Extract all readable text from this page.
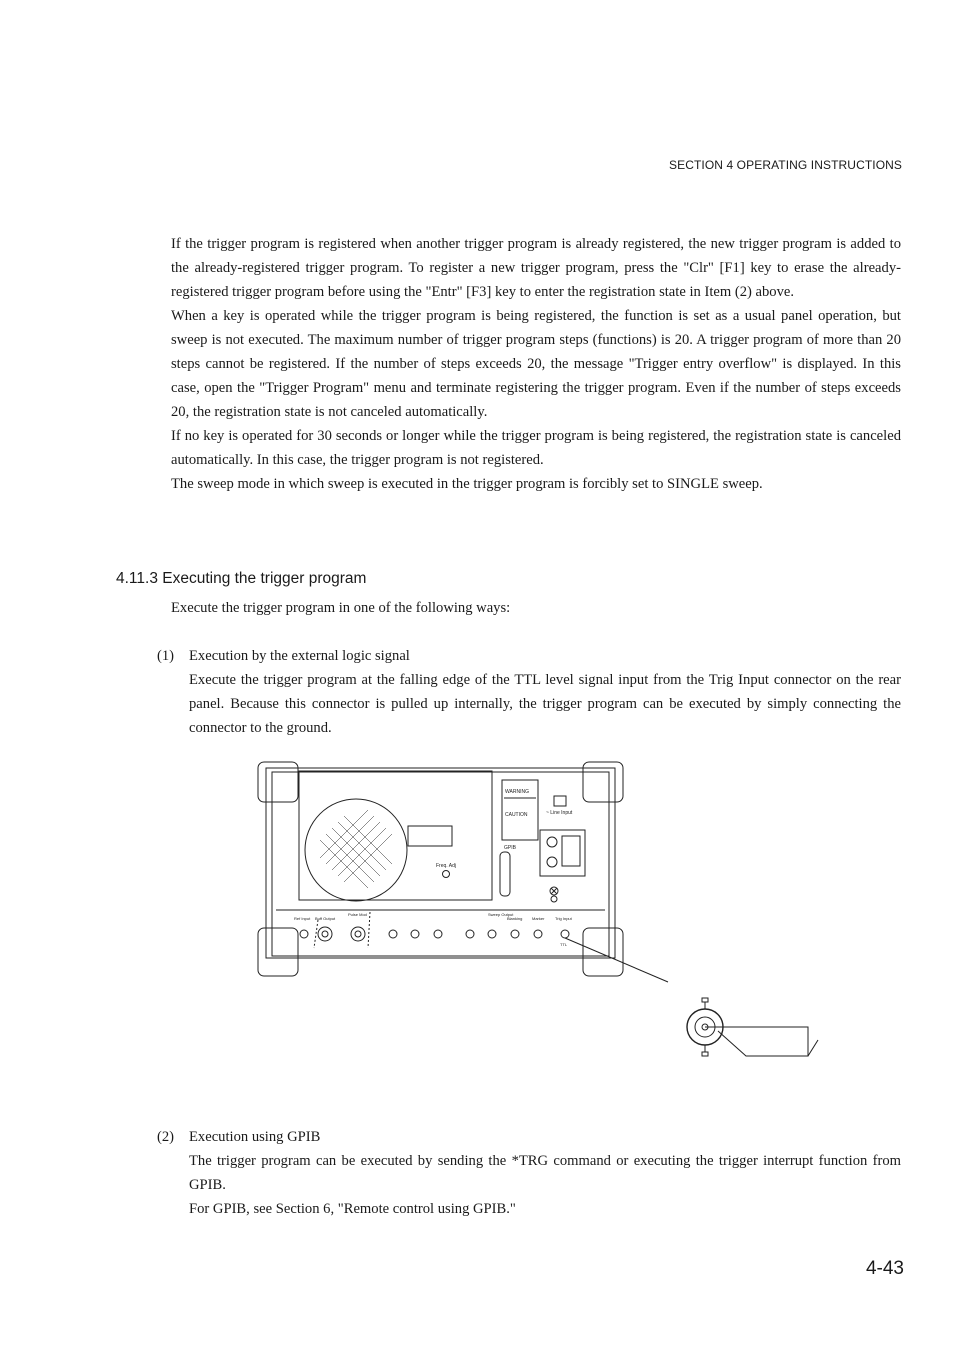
SECTION 4 OPERATING INSTRUCTIONS

If the trigger program is registered when another trigger program is already registered, the new trigger program is added to the already-registered trigger program. To register a new trigger program, press the "Clr" [F1] key to erase the already-registered trigger program before using the "Entr" [F3] key to enter the registration state in Item (2) above.

When a key is operated while the trigger program is being registered, the function is set as a usual panel operation, but sweep is not executed. The maximum number of trigger program steps (functions) is 20. A trigger program of more than 20 steps cannot be registered. If the number of steps exceeds 20, the message "Trigger entry overflow" is displayed. In this case, open the "Trigger Program" menu and terminate registering the trigger program. Even if the number of steps exceeds 20, the registration state is not canceled automatically.

If no key is operated for 30 seconds or longer while the trigger program is being registered, the registration state is canceled automatically. In this case, the trigger program is not registered.

The sweep mode in which sweep is executed in the trigger program is forcibly set to SINGLE sweep.

4.11.3 Executing the trigger program
Execute the trigger program in one of the following ways:
(1) Execution by the external logic signal

Execute the trigger program at the falling edge of the TTL level signal input from the Trig Input connector on the rear panel. Because this connector is pulled up internally, the trigger program can be executed by simply connecting the connector to the ground.

WARNING
CAUTION
Freq. Adj
~ Line Input
GPIB
Trig Input
Sweep Output
Blanking Marker
Pulse Mod
Ref Input Buff Output
TTL
(2) Execution using GPIB

The trigger program can be executed by sending the *TRG command or executing the trigger interrupt function from GPIB.

For GPIB, see Section 6, "Remote control using GPIB."

4-43
